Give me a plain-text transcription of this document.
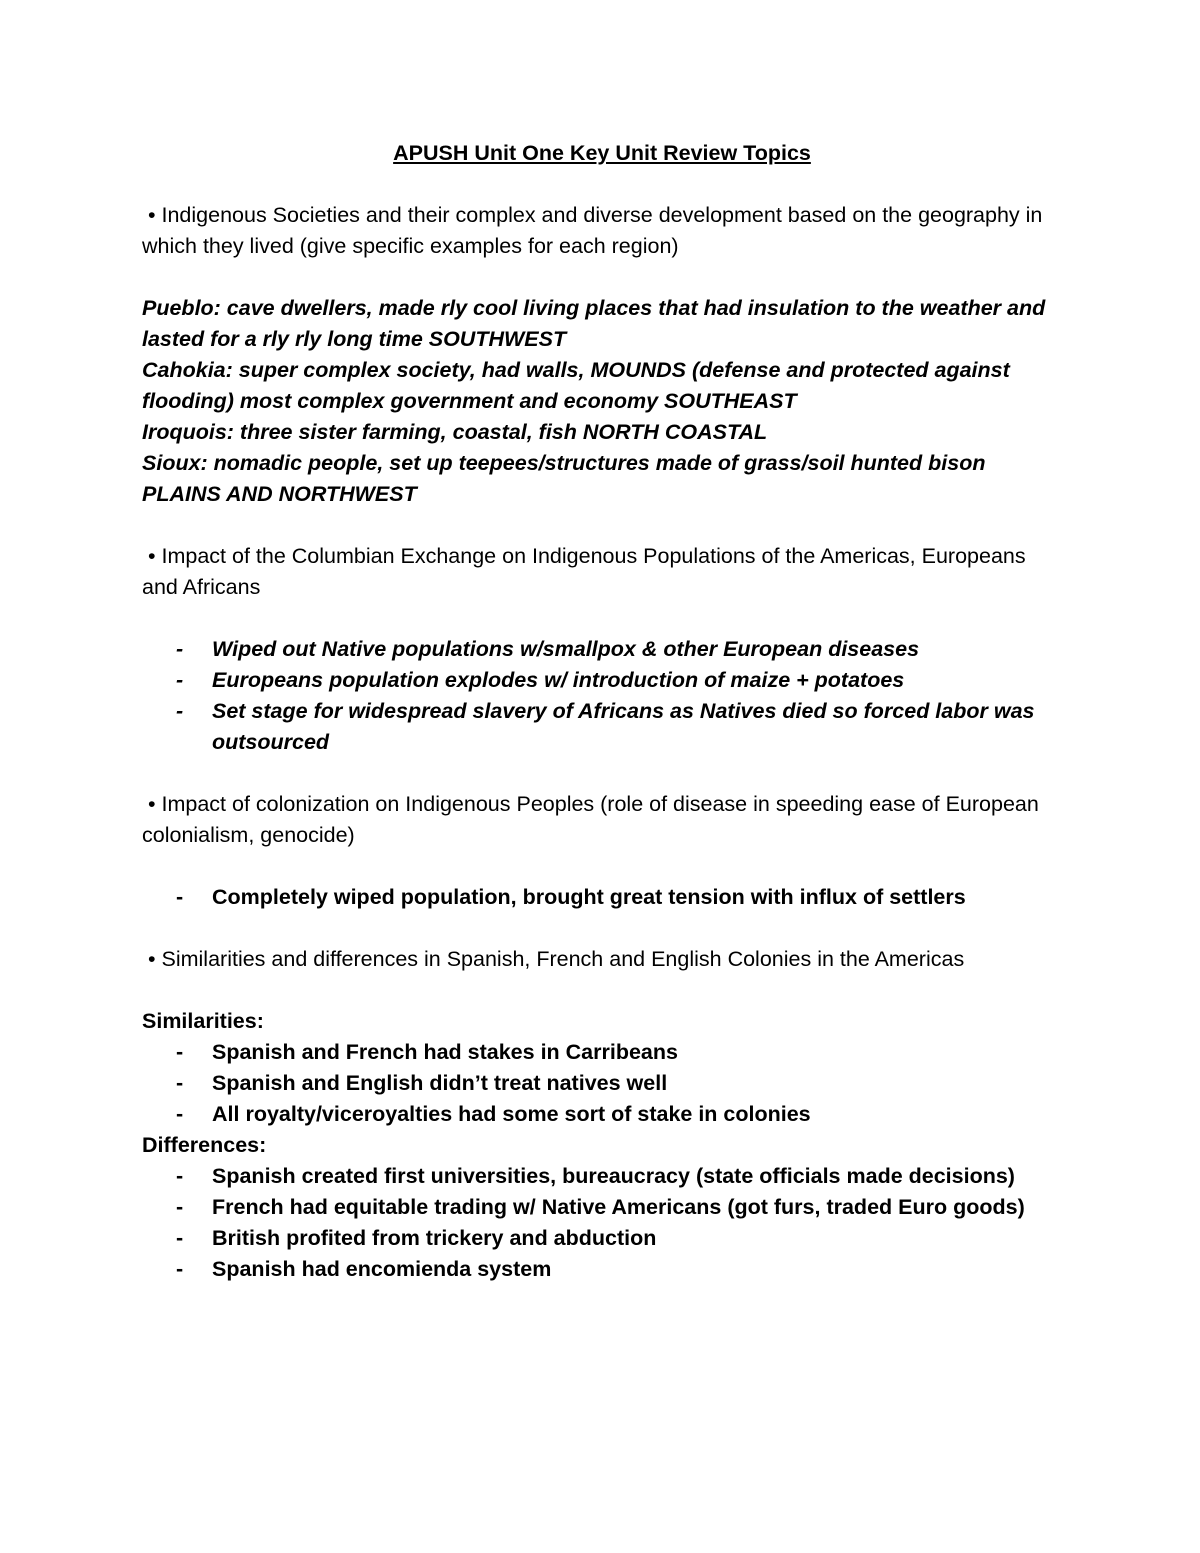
APUSH Unit One Key Unit Review Topics

• Indigenous Societies and their complex and diverse development based on the geography in which they lived (give specific examples for each region)

Pueblo: cave dwellers, made rly cool living places that had insulation to the weather and lasted for a rly rly long time SOUTHWEST

Cahokia: super complex society, had walls, MOUNDS (defense and protected against flooding) most complex government and economy SOUTHEAST

Iroquois: three sister farming, coastal, fish NORTH COASTAL

Sioux: nomadic people, set up teepees/structures made of grass/soil hunted bison PLAINS AND NORTHWEST

• Impact of the Columbian Exchange on Indigenous Populations of the Americas, Europeans and Africans

- Wiped out Native populations w/smallpox & other European diseases
- Europeans population explodes w/ introduction of maize + potatoes
- Set stage for widespread slavery of Africans as Natives died so forced labor was outsourced

• Impact of colonization on Indigenous Peoples (role of disease in speeding ease of European colonialism, genocide)

- Completely wiped population, brought great tension with influx of settlers

• Similarities and differences in Spanish, French and English Colonies in the Americas

Similarities:

- Spanish and French had stakes in Carribeans
- Spanish and English didn’t treat natives well
- All royalty/viceroyalties had some sort of stake in colonies

Differences:

- Spanish created first universities, bureaucracy (state officials made decisions)
- French had equitable trading w/ Native Americans (got furs, traded Euro goods)
- British profited from trickery and abduction
- Spanish had encomienda system
